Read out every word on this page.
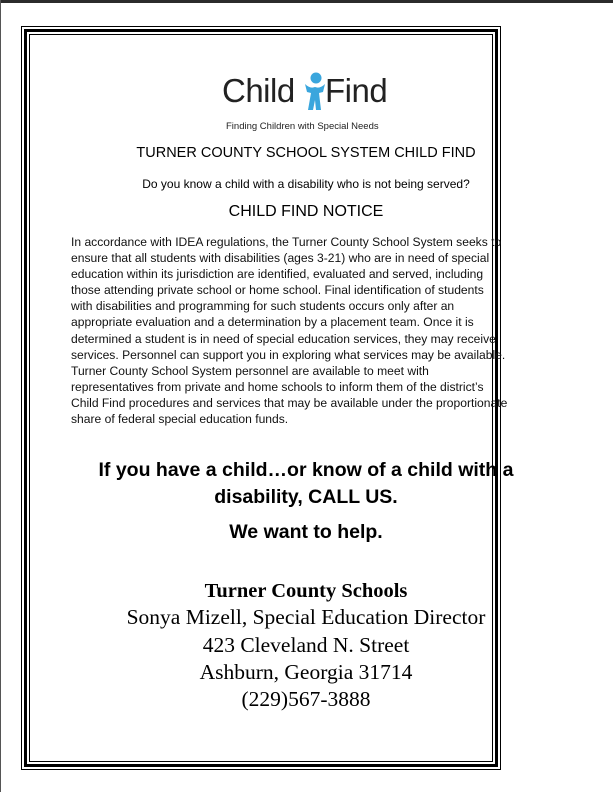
Child Find
Finding Children with Special Needs
TURNER COUNTY SCHOOL SYSTEM CHILD FIND
Do you know a child with a disability who is not being served?
CHILD FIND NOTICE
In accordance with IDEA regulations, the Turner County School System seeks to
ensure that all students with disabilities (ages 3-21) who are in need of special
education within its jurisdiction are identified, evaluated and served, including
those attending private school or home school. Final identification of students
with disabilities and programming for such students occurs only after an
appropriate evaluation and a determination by a placement team. Once it is
determined a student is in need of special education services, they may receive
services. Personnel can support you in exploring what services may be available.
Turner County School System personnel are available to meet with
representatives from private and home schools to inform them of the district’s
Child Find procedures and services that may be available under the proportionate
share of federal special education funds.
If you have a child…or know of a child with a
disability, CALL US.
We want to help.
Turner County Schools
Sonya Mizell, Special Education Director
423 Cleveland N. Street
Ashburn, Georgia 31714
(229)567-3888
